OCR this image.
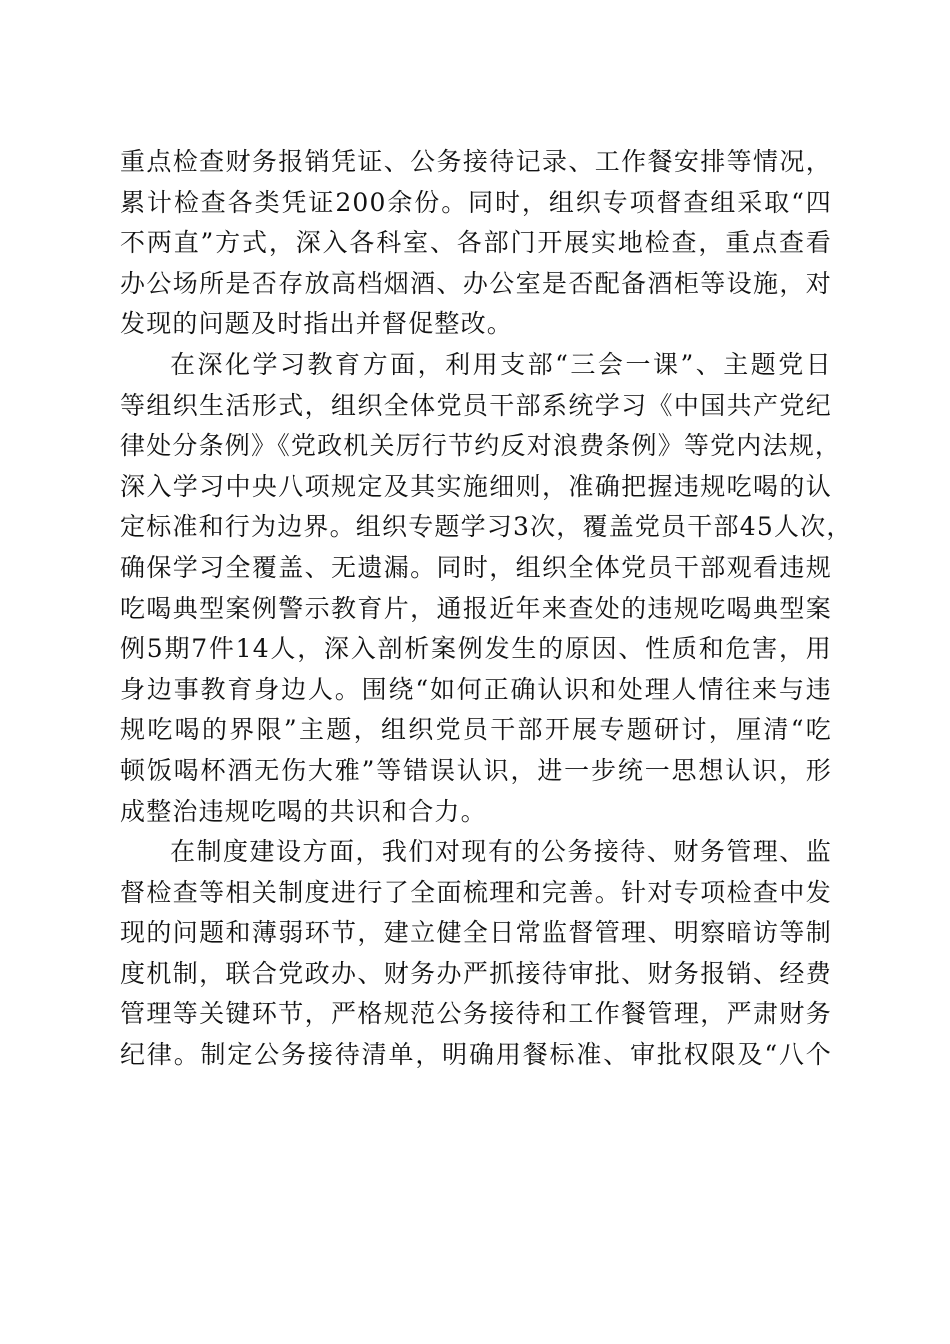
重点检查财务报销凭证、公务接待记录、工作餐安排等情况，
累计检查各类凭证200余份。同时，组织专项督查组采取“四
不两直”方式，深入各科室、各部门开展实地检查，重点查看
办公场所是否存放高档烟酒、办公室是否配备酒柜等设施，对
发现的问题及时指出并督促整改。
在深化学习教育方面，利用支部“三会一课”、主题党日
等组织生活形式，组织全体党员干部系统学习《中国共产党纪
律处分条例》《党政机关厉行节约反对浪费条例》等党内法规，
深入学习中央八项规定及其实施细则，准确把握违规吃喝的认
定标准和行为边界。组织专题学习3次，覆盖党员干部45人次，
确保学习全覆盖、无遗漏。同时，组织全体党员干部观看违规
吃喝典型案例警示教育片，通报近年来查处的违规吃喝典型案
例5期7件14人，深入剖析案例发生的原因、性质和危害，用
身边事教育身边人。围绕“如何正确认识和处理人情往来与违
规吃喝的界限”主题，组织党员干部开展专题研讨，厘清“吃
顿饭喝杯酒无伤大雅”等错误认识，进一步统一思想认识，形
成整治违规吃喝的共识和合力。
在制度建设方面，我们对现有的公务接待、财务管理、监
督检查等相关制度进行了全面梳理和完善。针对专项检查中发
现的问题和薄弱环节，建立健全日常监督管理、明察暗访等制
度机制，联合党政办、财务办严抓接待审批、财务报销、经费
管理等关键环节，严格规范公务接待和工作餐管理，严肃财务
纪律。制定公务接待清单，明确用餐标准、审批权限及“八个
